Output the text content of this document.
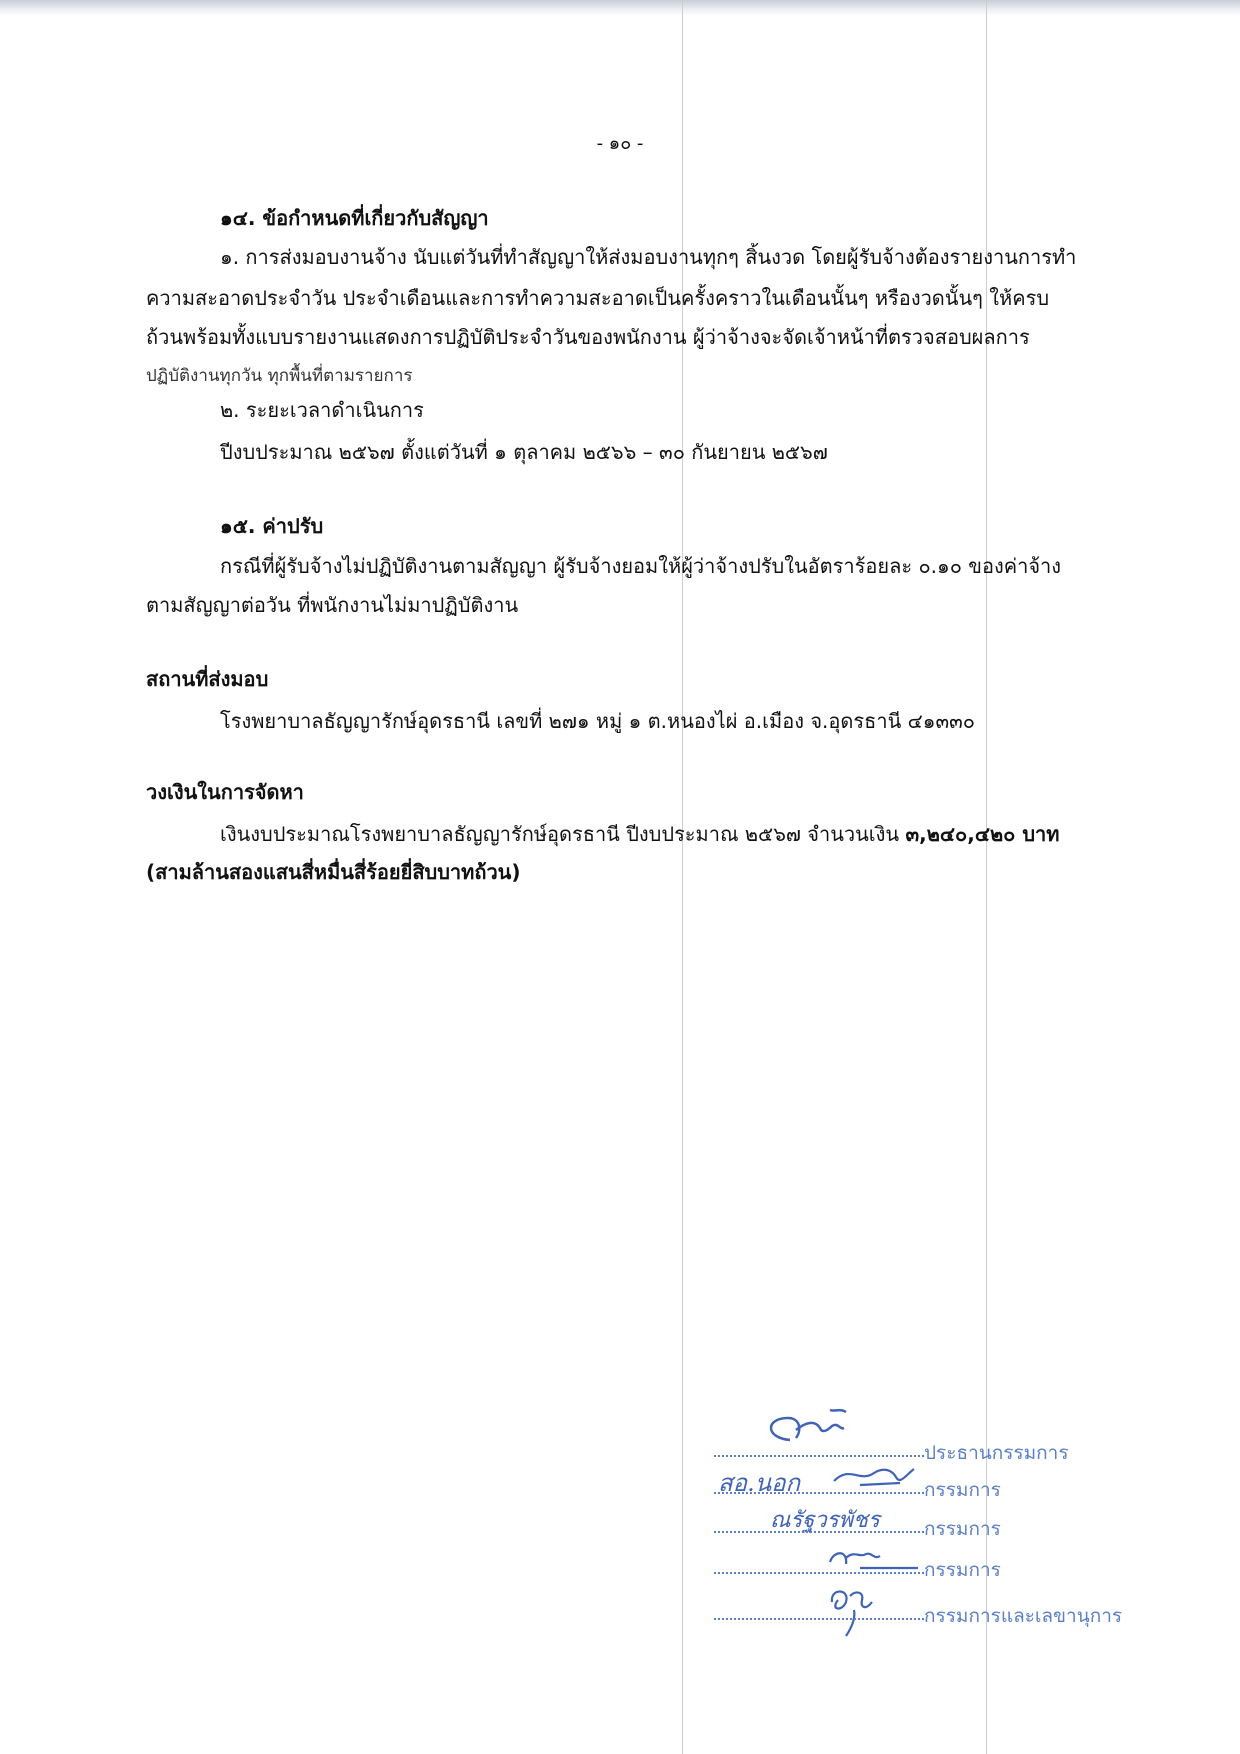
- ๑๐ -
๑๔. ข้อกำหนดที่เกี่ยวกับสัญญา
๑. การส่งมอบงานจ้าง นับแต่วันที่ทำสัญญาให้ส่งมอบงานทุกๆ สิ้นงวด โดยผู้รับจ้างต้องรายงานการทำ
ความสะอาดประจำวัน ประจำเดือนและการทำความสะอาดเป็นครั้งคราวในเดือนนั้นๆ หรืองวดนั้นๆ ให้ครบ
ถ้วนพร้อมทั้งแบบรายงานแสดงการปฏิบัติประจำวันของพนักงาน ผู้ว่าจ้างจะจัดเจ้าหน้าที่ตรวจสอบผลการ
ปฏิบัติงานทุกวัน ทุกพื้นที่ตามรายการ
๒. ระยะเวลาดำเนินการ
ปีงบประมาณ ๒๕๖๗ ตั้งแต่วันที่ ๑ ตุลาคม ๒๕๖๖ – ๓๐ กันยายน ๒๕๖๗
๑๕. ค่าปรับ
กรณีที่ผู้รับจ้างไม่ปฏิบัติงานตามสัญญา ผู้รับจ้างยอมให้ผู้ว่าจ้างปรับในอัตราร้อยละ ๐.๑๐ ของค่าจ้าง
ตามสัญญาต่อวัน ที่พนักงานไม่มาปฏิบัติงาน
สถานที่ส่งมอบ
โรงพยาบาลธัญญารักษ์อุดรธานี เลขที่ ๒๗๑ หมู่ ๑ ต.หนองไผ่ อ.เมือง จ.อุดรธานี ๔๑๓๓๐
วงเงินในการจัดหา
เงินงบประมาณโรงพยาบาลธัญญารักษ์อุดรธานี ปีงบประมาณ ๒๕๖๗ จำนวนเงิน ๓,๒๔๐,๔๒๐ บาท
(สามล้านสองแสนสี่หมื่นสี่ร้อยยี่สิบบาทถ้วน)
ประธานกรรมการ
สอ.นอก	กรรมการ
ณรัฐวรพัชร กรรมการ
กรรมการ
กรรมการและเลขานุการ
